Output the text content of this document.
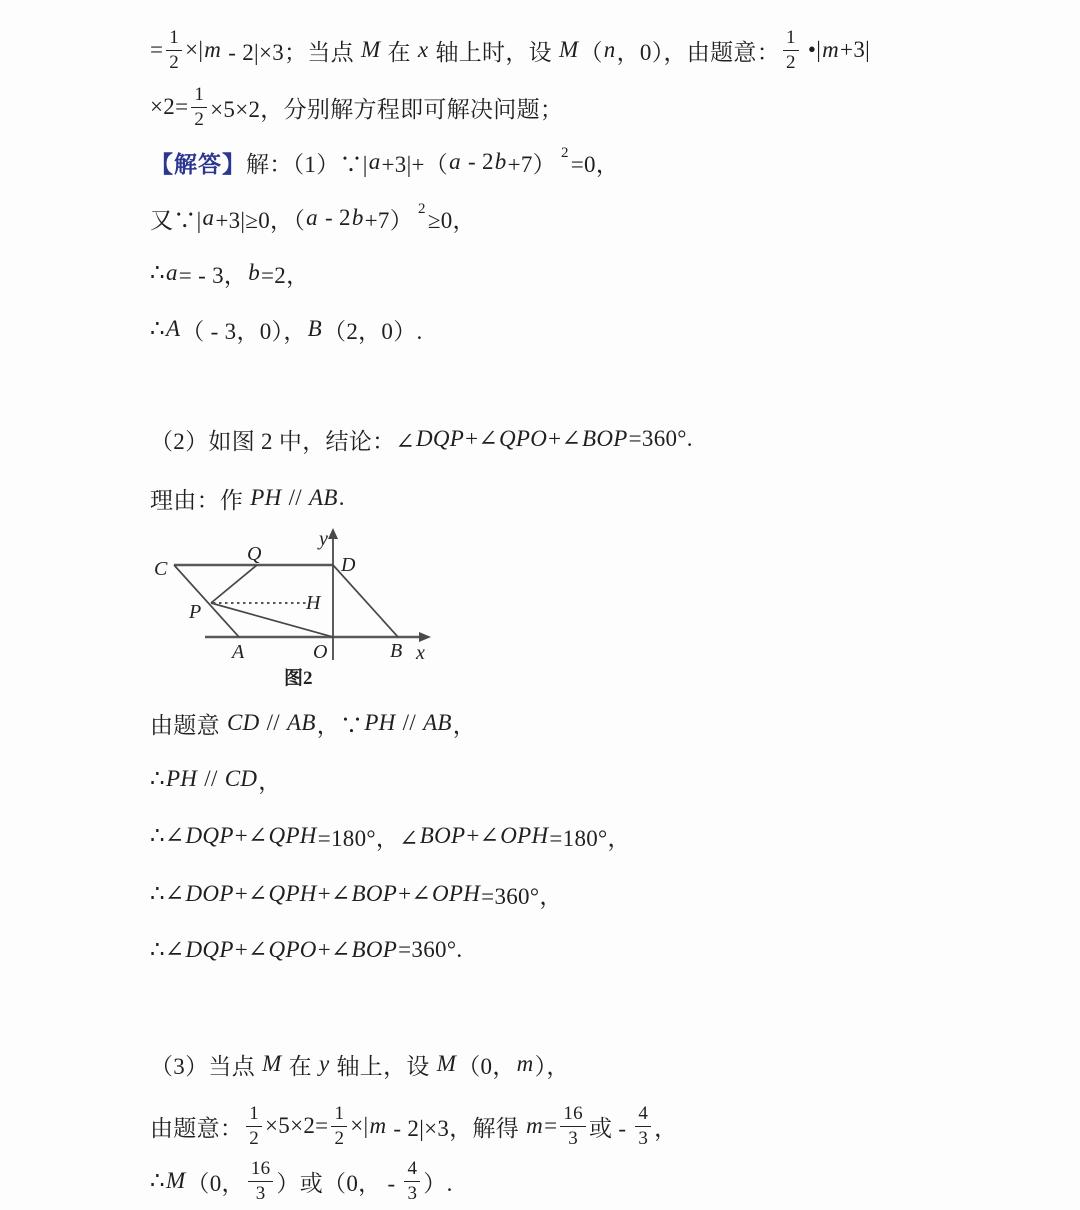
= $\frac{1}{2}$ ×| m - 2|×3；当点 M 在 x 轴上时，设 M （ n ，0），由题意： $\frac{1}{2}$ •| m +3|
$\times 2= \frac{1}{2} \times 5\times 2$，分别解方程即可解决问题；
【解答】 解：（1）∵| a +3|+（ a - 2 b +7） 2 =0，
又∵| a +3|≥0，（ a - 2 b +7） 2 ≥0，
∴ a = - 3， b =2，
∴ A （ - 3，0）， B （2，0）.
（2）如图 2 中，结论：∠ DQP +∠ QPO +∠ BOP =360°.
理由：作 PH // AB .
由题意 CD // AB ，∵ PH // AB ，
∴ PH // CD ，
∴∠ DQP +∠ QPH =180°，∠ BOP +∠ OPH =180°，
∴∠ DOP +∠ QPH +∠ BOP +∠ OPH =360°，
∴∠ DQP +∠ QPO +∠ BOP =360°.
（3）当点 M 在 y 轴上，设 M （0， m ），
由题意： $\frac{1}{2} \times 5\times 2= \frac{1}{2}$ ×| m - 2|×3，解得 $m = \frac{16}{3}$ 或 - $\frac{4}{3}$ ，
∴ M （0， $\frac{16}{3}$ ）或（0， - $\frac{4}{3}$ ）.
C
Q
y
D
P	H
A	O	B x
图2
